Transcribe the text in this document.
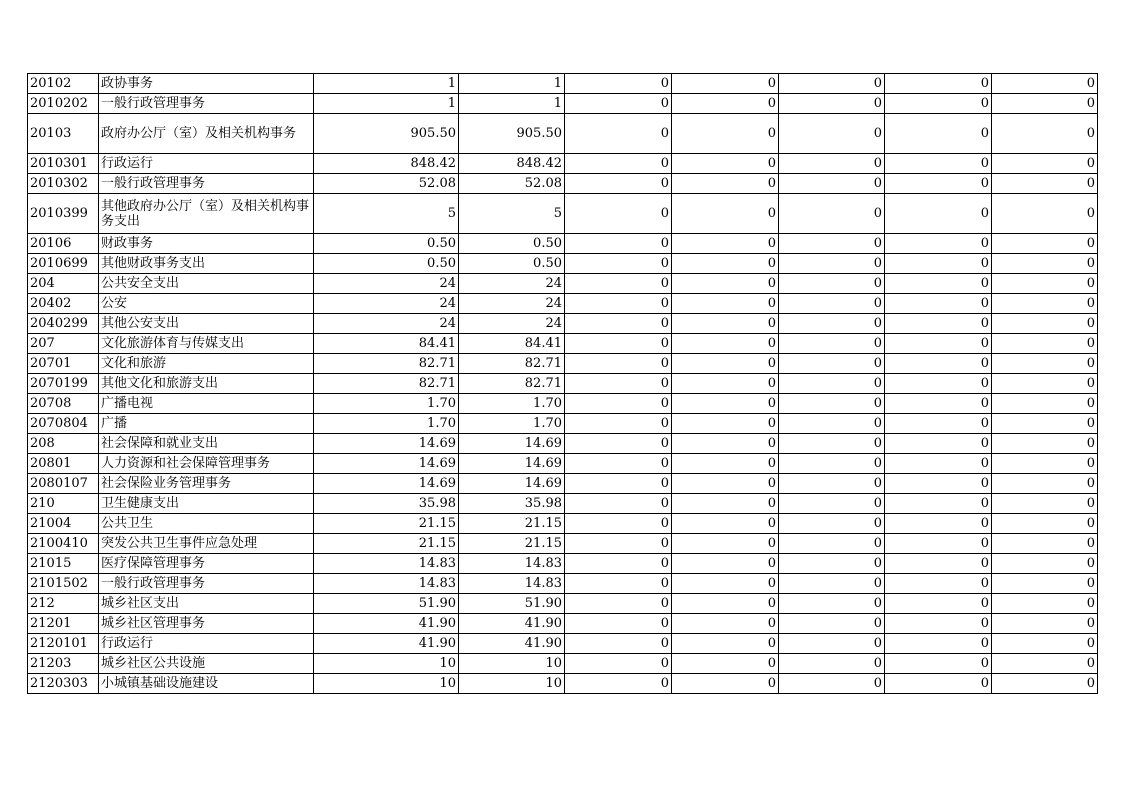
20102	政协事务	1	1	0	0	0	0	0
2010202	一般行政管理事务	1	1	0	0	0	0	0
20103	政府办公厅（室）及相关机构事务	905.50	905.50	0	0	0	0	0
2010301	行政运行	848.42	848.42	0	0	0	0	0
2010302	一般行政管理事务	52.08	52.08	0	0	0	0	0
2010399	其他政府办公厅（室）及相关机构事务支出	5	5	0	0	0	0	0
20106	财政事务	0.50	0.50	0	0	0	0	0
2010699	其他财政事务支出	0.50	0.50	0	0	0	0	0
204	公共安全支出	24	24	0	0	0	0	0
20402	公安	24	24	0	0	0	0	0
2040299	其他公安支出	24	24	0	0	0	0	0
207	文化旅游体育与传媒支出	84.41	84.41	0	0	0	0	0
20701	文化和旅游	82.71	82.71	0	0	0	0	0
2070199	其他文化和旅游支出	82.71	82.71	0	0	0	0	0
20708	广播电视	1.70	1.70	0	0	0	0	0
2070804	广播	1.70	1.70	0	0	0	0	0
208	社会保障和就业支出	14.69	14.69	0	0	0	0	0
20801	人力资源和社会保障管理事务	14.69	14.69	0	0	0	0	0
2080107	社会保险业务管理事务	14.69	14.69	0	0	0	0	0
210	卫生健康支出	35.98	35.98	0	0	0	0	0
21004	公共卫生	21.15	21.15	0	0	0	0	0
2100410	突发公共卫生事件应急处理	21.15	21.15	0	0	0	0	0
21015	医疗保障管理事务	14.83	14.83	0	0	0	0	0
2101502	一般行政管理事务	14.83	14.83	0	0	0	0	0
212	城乡社区支出	51.90	51.90	0	0	0	0	0
21201	城乡社区管理事务	41.90	41.90	0	0	0	0	0
2120101	行政运行	41.90	41.90	0	0	0	0	0
21203	城乡社区公共设施	10	10	0	0	0	0	0
2120303	小城镇基础设施建设	10	10	0	0	0	0	0
